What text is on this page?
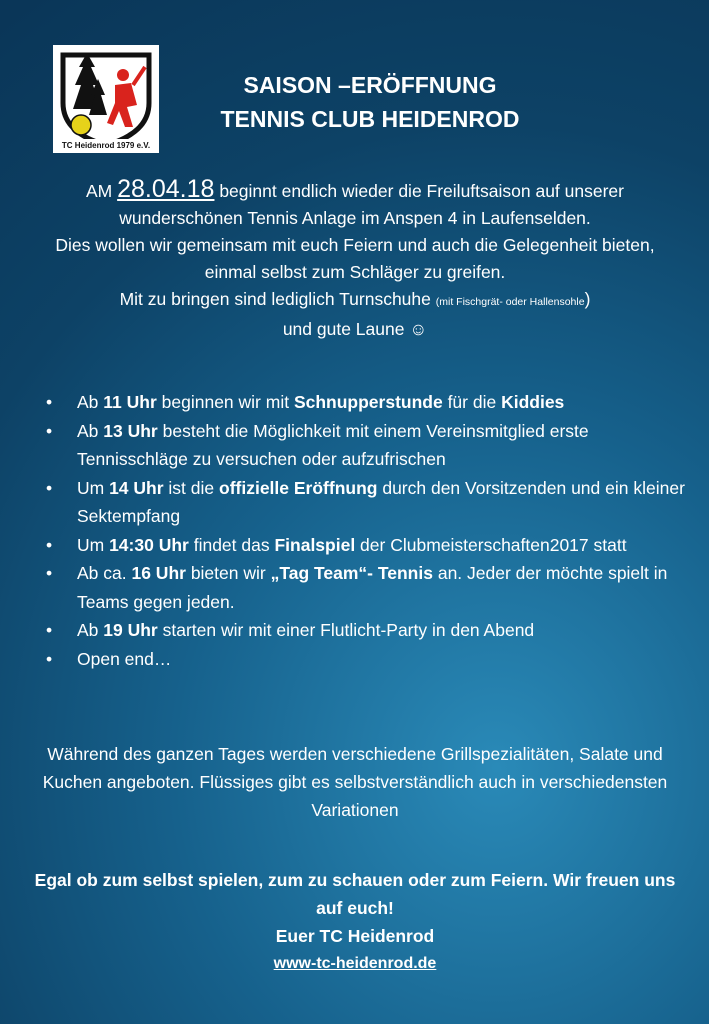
TC Heidenrod 1979 e.V.
SAISON –ERÖFFNUNG
TENNIS CLUB HEIDENROD
AM 28.04.18 beginnt endlich wieder die Freiluftsaison auf unserer wunderschönen Tennis Anlage im Anspen 4 in Laufenselden.
Dies wollen wir gemeinsam mit euch Feiern und auch die Gelegenheit bieten, einmal selbst zum Schläger zu greifen.
Mit zu bringen sind lediglich Turnschuhe (mit Fischgrät- oder Hallensohle)
und gute Laune ☺
• Ab 11 Uhr beginnen wir mit Schnupperstunde für die Kiddies
• Ab 13 Uhr besteht die Möglichkeit mit einem Vereinsmitglied erste Tennisschläge zu versuchen oder aufzufrischen
• Um 14 Uhr ist die offizielle Eröffnung durch den Vorsitzenden und ein kleiner Sektempfang
• Um 14:30 Uhr findet das Finalspiel der Clubmeisterschaften2017 statt
• Ab ca. 16 Uhr bieten wir „Tag Team“- Tennis an. Jeder der möchte spielt in Teams gegen jeden.
• Ab 19 Uhr starten wir mit einer Flutlicht-Party in den Abend
• Open end…
Während des ganzen Tages werden verschiedene Grillspezialitäten, Salate und Kuchen angeboten. Flüssiges gibt es selbstverständlich auch in verschiedensten Variationen
Egal ob zum selbst spielen, zum zu schauen oder zum Feiern. Wir freuen uns auf euch!
Euer TC Heidenrod
www-tc-heidenrod.de
